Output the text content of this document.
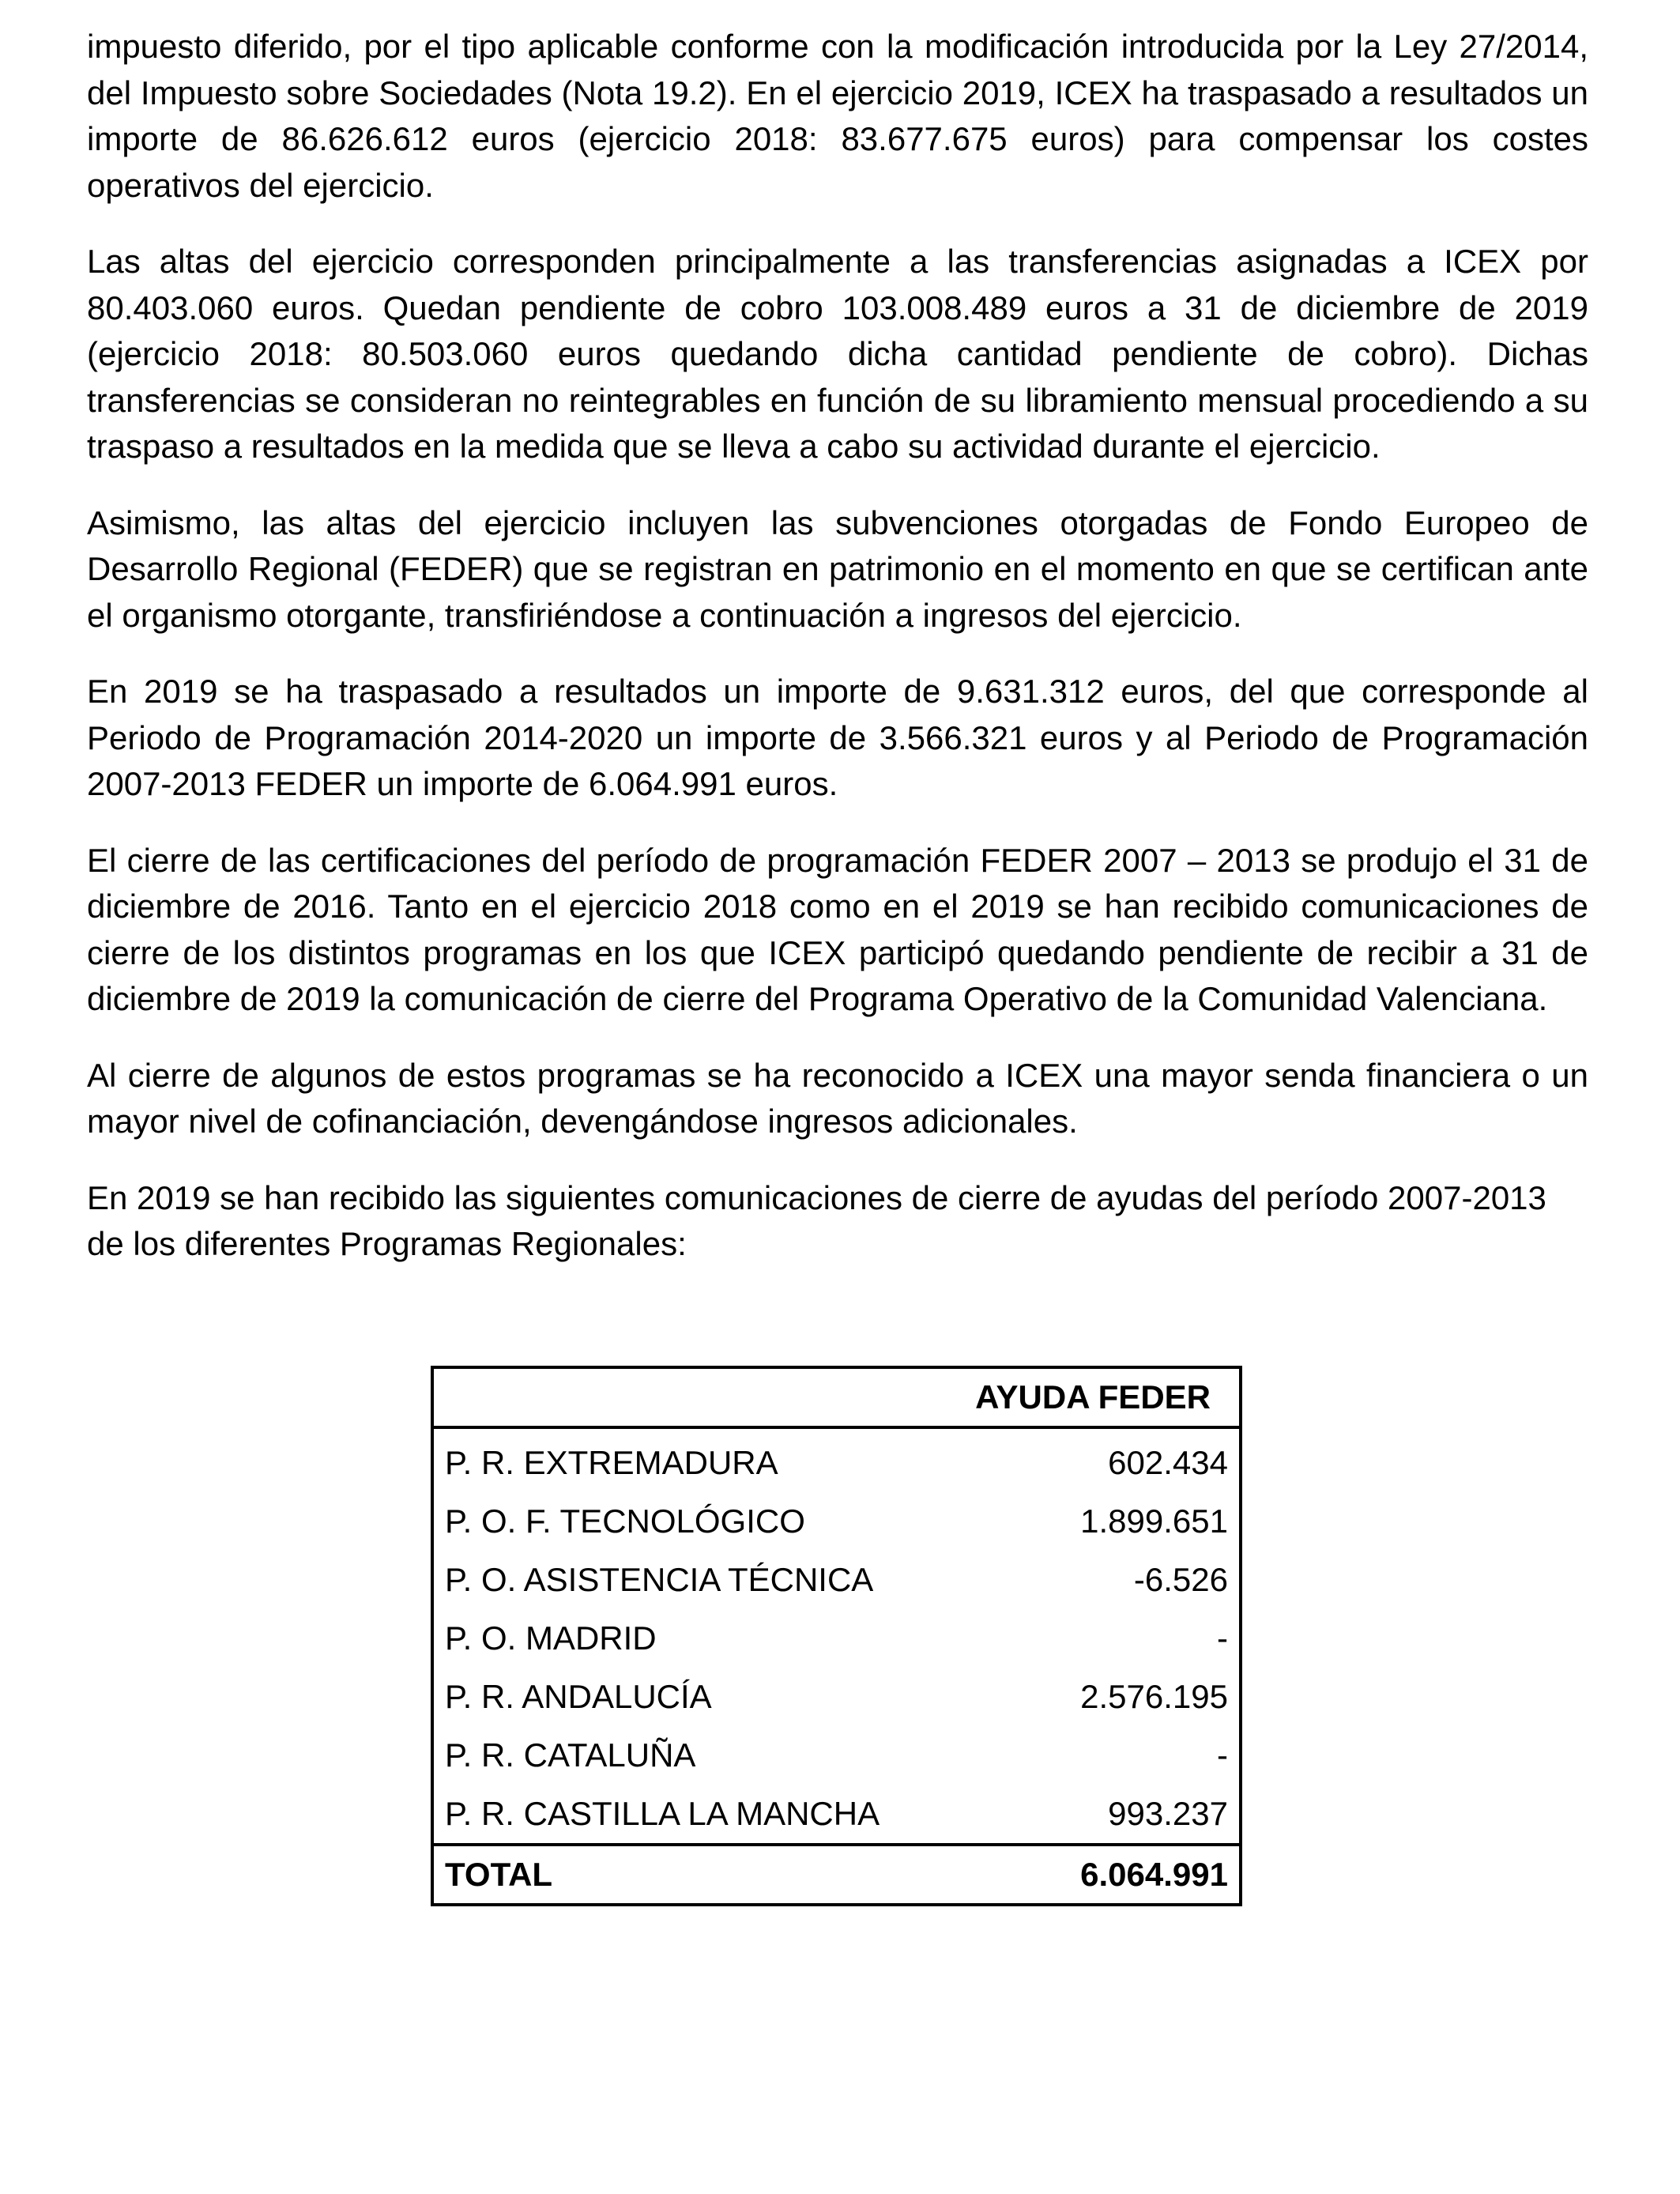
impuesto diferido, por el tipo aplicable conforme con la modificación introducida por la Ley 27/2014, del Impuesto sobre Sociedades (Nota 19.2). En el ejercicio 2019, ICEX ha traspasado a resultados un importe de 86.626.612 euros (ejercicio 2018: 83.677.675 euros) para compensar los costes operativos del ejercicio.

Las altas del ejercicio corresponden principalmente a las transferencias asignadas a ICEX por 80.403.060 euros. Quedan pendiente de cobro 103.008.489 euros a 31 de diciembre de 2019 (ejercicio 2018: 80.503.060 euros quedando dicha cantidad pendiente de cobro). Dichas transferencias se consideran no reintegrables en función de su libramiento mensual procediendo a su traspaso a resultados en la medida que se lleva a cabo su actividad durante el ejercicio.

Asimismo, las altas del ejercicio incluyen las subvenciones otorgadas de Fondo Europeo de Desarrollo Regional (FEDER) que se registran en patrimonio en el momento en que se certifican ante el organismo otorgante, transfiriéndose a continuación a ingresos del ejercicio.

En 2019 se ha traspasado a resultados un importe de 9.631.312 euros, del que corresponde al Periodo de Programación 2014-2020 un importe de 3.566.321 euros y al Periodo de Programación 2007-2013 FEDER un importe de 6.064.991 euros.

El cierre de las certificaciones del período de programación FEDER 2007 – 2013 se produjo el 31 de diciembre de 2016. Tanto en el ejercicio 2018 como en el 2019 se han recibido comunicaciones de cierre de los distintos programas en los que ICEX participó quedando pendiente de recibir a 31 de diciembre de 2019 la comunicación de cierre del Programa Operativo de la Comunidad Valenciana.

Al cierre de algunos de estos programas se ha reconocido a ICEX una mayor senda financiera o un mayor nivel de cofinanciación, devengándose ingresos adicionales.

En 2019 se han recibido las siguientes comunicaciones de cierre de ayudas del período 2007-2013 de los diferentes Programas Regionales:

AYUDA FEDER	
P. R. EXTREMADURA	602.434
P. O. F. TECNOLÓGICO	1.899.651
P. O. ASISTENCIA TÉCNICA	-6.526
P. O. MADRID	-
P. R. ANDALUCÍA	2.576.195
P. R. CATALUÑA	-
P. R. CASTILLA LA MANCHA	993.237
TOTAL	6.064.991
